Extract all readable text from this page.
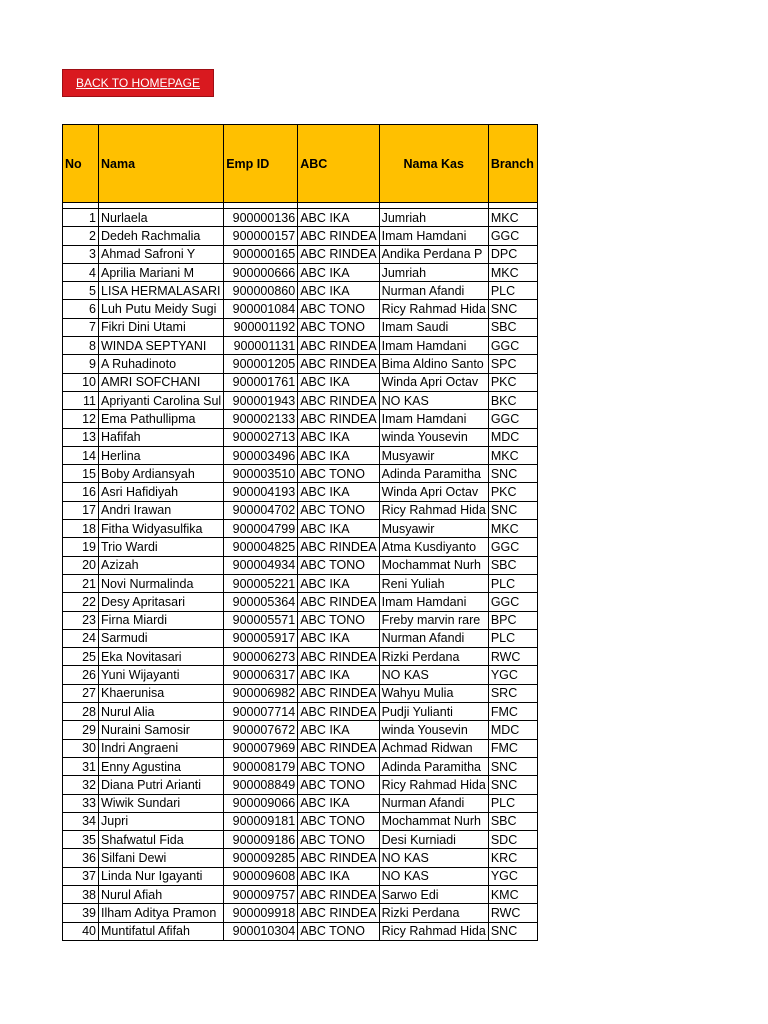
BACK TO HOMEPAGE
No	Nama	Emp ID	ABC	Nama Kas	Branch

1	Nurlaela	900000136	ABC IKA	Jumriah	MKC
2	Dedeh Rachmalia	900000157	ABC RINDEA	Imam Hamdani	GGC
3	Ahmad Safroni Y	900000165	ABC RINDEA	Andika Perdana P	DPC
4	Aprilia Mariani M	900000666	ABC IKA	Jumriah	MKC
5	LISA HERMALASARI	900000860	ABC IKA	Nurman Afandi	PLC
6	Luh Putu Meidy Sugi	900001084	ABC TONO	Ricy Rahmad Hida	SNC
7	Fikri Dini Utami	900001192	ABC TONO	Imam Saudi	SBC
8	WINDA SEPTYANI	900001131	ABC RINDEA	Imam Hamdani	GGC
9	A Ruhadinoto	900001205	ABC RINDEA	Bima Aldino Santo	SPC
10	AMRI SOFCHANI	900001761	ABC IKA	Winda Apri Octav	PKC
11	Apriyanti Carolina Sul	900001943	ABC RINDEA	NO KAS	BKC
12	Ema Pathullipma	900002133	ABC RINDEA	Imam Hamdani	GGC
13	Hafifah	900002713	ABC IKA	winda Yousevin	MDC
14	Herlina	900003496	ABC IKA	Musyawir	MKC
15	Boby Ardiansyah	900003510	ABC TONO	Adinda Paramitha	SNC
16	Asri Hafidiyah	900004193	ABC IKA	Winda Apri Octav	PKC
17	Andri Irawan	900004702	ABC TONO	Ricy Rahmad Hida	SNC
18	Fitha Widyasulfika	900004799	ABC IKA	Musyawir	MKC
19	Trio Wardi	900004825	ABC RINDEA	Atma Kusdiyanto	GGC
20	Azizah	900004934	ABC TONO	Mochammat Nurh	SBC
21	Novi Nurmalinda	900005221	ABC IKA	Reni Yuliah	PLC
22	Desy Apritasari	900005364	ABC RINDEA	Imam Hamdani	GGC
23	Firna Miardi	900005571	ABC TONO	Freby marvin rare	BPC
24	Sarmudi	900005917	ABC IKA	Nurman Afandi	PLC
25	Eka Novitasari	900006273	ABC RINDEA	Rizki Perdana	RWC
26	Yuni Wijayanti	900006317	ABC IKA	NO KAS	YGC
27	Khaerunisa	900006982	ABC RINDEA	Wahyu Mulia	SRC
28	Nurul Alia	900007714	ABC RINDEA	Pudji Yulianti	FMC
29	Nuraini Samosir	900007672	ABC IKA	winda Yousevin	MDC
30	Indri Angraeni	900007969	ABC RINDEA	Achmad Ridwan	FMC
31	Enny Agustina	900008179	ABC TONO	Adinda Paramitha	SNC
32	Diana Putri Arianti	900008849	ABC TONO	Ricy Rahmad Hida	SNC
33	Wiwik Sundari	900009066	ABC IKA	Nurman Afandi	PLC
34	Jupri	900009181	ABC TONO	Mochammat Nurh	SBC
35	Shafwatul Fida	900009186	ABC TONO	Desi Kurniadi	SDC
36	Silfani Dewi	900009285	ABC RINDEA	NO KAS	KRC
37	Linda Nur Igayanti	900009608	ABC IKA	NO KAS	YGC
38	Nurul Afiah	900009757	ABC RINDEA	Sarwo Edi	KMC
39	Ilham Aditya Pramon	900009918	ABC RINDEA	Rizki Perdana	RWC
40	Muntifatul Afifah	900010304	ABC TONO	Ricy Rahmad Hida	SNC
